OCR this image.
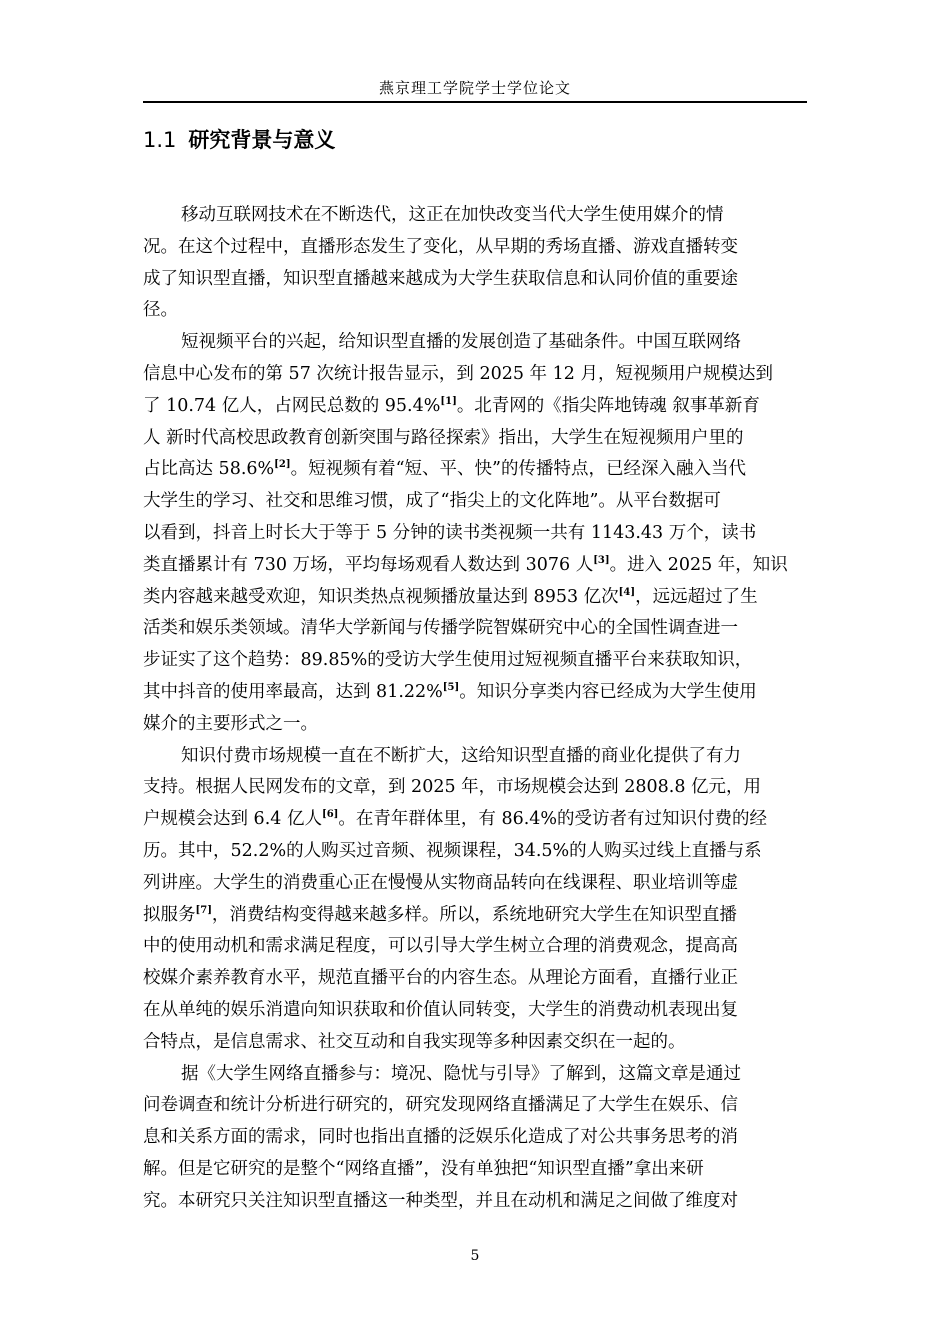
燕京理工学院学士学位论文
1.1 研究背景与意义
移动互联网技术在不断迭代，这正在加快改变当代大学生使用媒介的情
况。在这个过程中，直播形态发生了变化，从早期的秀场直播、游戏直播转变
成了知识型直播，知识型直播越来越成为大学生获取信息和认同价值的重要途
径。
短视频平台的兴起，给知识型直播的发展创造了基础条件。中国互联网络
信息中心发布的第 57 次统计报告显示，到 2025 年 12 月，短视频用户规模达到
了 10.74 亿人，占网民总数的 95.4%[1]。北青网的《指尖阵地铸魂 叙事革新育
人 新时代高校思政教育创新突围与路径探索》指出，大学生在短视频用户里的
占比高达 58.6%[2]。短视频有着“短、平、快”的传播特点，已经深入融入当代
大学生的学习、社交和思维习惯，成了“指尖上的文化阵地”。从平台数据可
以看到，抖音上时长大于等于 5 分钟的读书类视频一共有 1143.43 万个，读书
类直播累计有 730 万场，平均每场观看人数达到 3076 人[3]。进入 2025 年，知识
类内容越来越受欢迎，知识类热点视频播放量达到 8953 亿次[4]，远远超过了生
活类和娱乐类领域。清华大学新闻与传播学院智媒研究中心的全国性调查进一
步证实了这个趋势：89.85%的受访大学生使用过短视频直播平台来获取知识，
其中抖音的使用率最高，达到 81.22%[5]。知识分享类内容已经成为大学生使用
媒介的主要形式之一。
知识付费市场规模一直在不断扩大，这给知识型直播的商业化提供了有力
支持。根据人民网发布的文章，到 2025 年，市场规模会达到 2808.8 亿元，用
户规模会达到 6.4 亿人[6]。在青年群体里，有 86.4%的受访者有过知识付费的经
历。其中，52.2%的人购买过音频、视频课程，34.5%的人购买过线上直播与系
列讲座。大学生的消费重心正在慢慢从实物商品转向在线课程、职业培训等虚
拟服务[7]，消费结构变得越来越多样。所以，系统地研究大学生在知识型直播
中的使用动机和需求满足程度，可以引导大学生树立合理的消费观念，提高高
校媒介素养教育水平，规范直播平台的内容生态。从理论方面看，直播行业正
在从单纯的娱乐消遣向知识获取和价值认同转变，大学生的消费动机表现出复
合特点，是信息需求、社交互动和自我实现等多种因素交织在一起的。
据《大学生网络直播参与：境况、隐忧与引导》了解到，这篇文章是通过
问卷调查和统计分析进行研究的，研究发现网络直播满足了大学生在娱乐、信
息和关系方面的需求，同时也指出直播的泛娱乐化造成了对公共事务思考的消
解。但是它研究的是整个“网络直播”，没有单独把“知识型直播”拿出来研
究。本研究只关注知识型直播这一种类型，并且在动机和满足之间做了维度对
5
